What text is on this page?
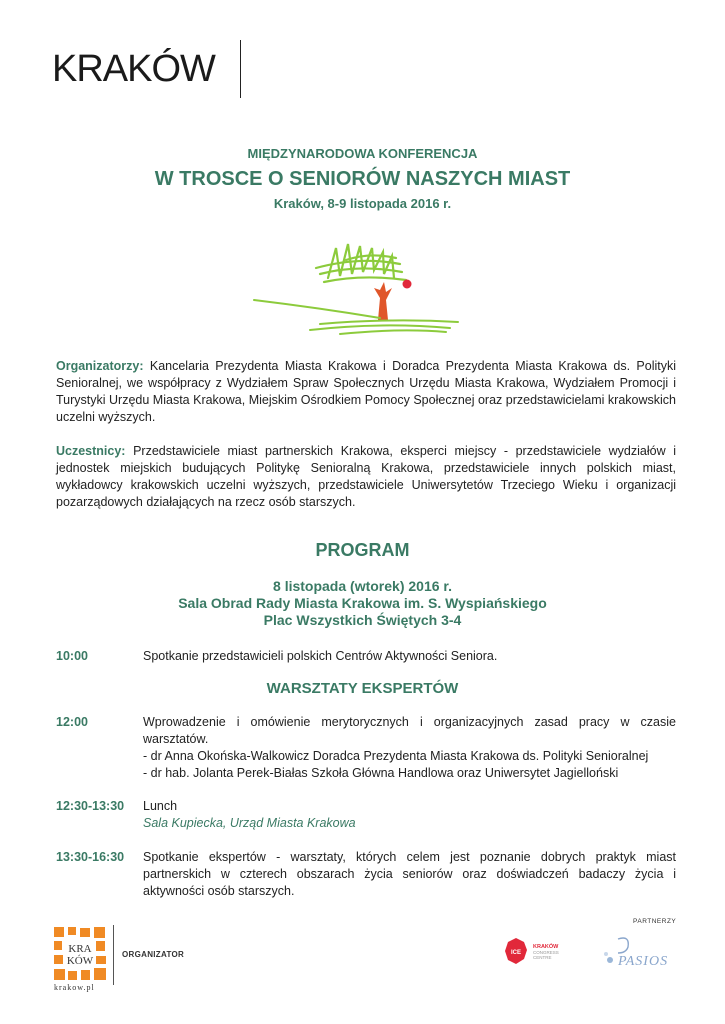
KRAKÓW
MIĘDZYNARODOWA KONFERENCJA
W TROSCE O SENIORÓW NASZYCH MIAST
Kraków, 8-9 listopada 2016 r.
Organizatorzy: Kancelaria Prezydenta Miasta Krakowa i Doradca Prezydenta Miasta Krakowa ds. Polityki Senioralnej, we współpracy z Wydziałem Spraw Społecznych Urzędu Miasta Krakowa, Wydziałem Promocji i Turystyki Urzędu Miasta Krakowa, Miejskim Ośrodkiem Pomocy Społecznej oraz przedstawicielami krakowskich uczelni wyższych.
Uczestnicy: Przedstawiciele miast partnerskich Krakowa, eksperci miejscy - przedstawiciele wydziałów i jednostek miejskich budujących Politykę Senioralną Krakowa, przedstawiciele innych polskich miast, wykładowcy krakowskich uczelni wyższych, przedstawiciele Uniwersytetów Trzeciego Wieku i organizacji pozarządowych działających na rzecz osób starszych.
PROGRAM
8 listopada (wtorek) 2016 r.
Sala Obrad Rady Miasta Krakowa im. S. Wyspiańskiego
Plac Wszystkich Świętych 3-4
10:00	Spotkanie przedstawicieli polskich Centrów Aktywności Seniora.
WARSZTATY EKSPERTÓW
12:00	Wprowadzenie i omówienie merytorycznych i organizacyjnych zasad pracy w czasie warsztatów.
- dr Anna Okońska-Walkowicz Doradca Prezydenta Miasta Krakowa ds. Polityki Senioralnej
- dr hab. Jolanta Perek-Białas Szkoła Główna Handlowa oraz Uniwersytet Jagielloński
12:30-13:30 Lunch
Sala Kupiecka, Urząd Miasta Krakowa
13:30-16:30 Spotkanie ekspertów - warsztaty, których celem jest poznanie dobrych praktyk miast partnerskich w czterech obszarach życia seniorów oraz doświadczeń badaczy życia i aktywności osób starszych.
KRA
KÓW
krakow.pl
ORGANIZATOR
PARTNERZY
ICE
KRAKÓW
CONGRESS
CENTRE	PASIOS
